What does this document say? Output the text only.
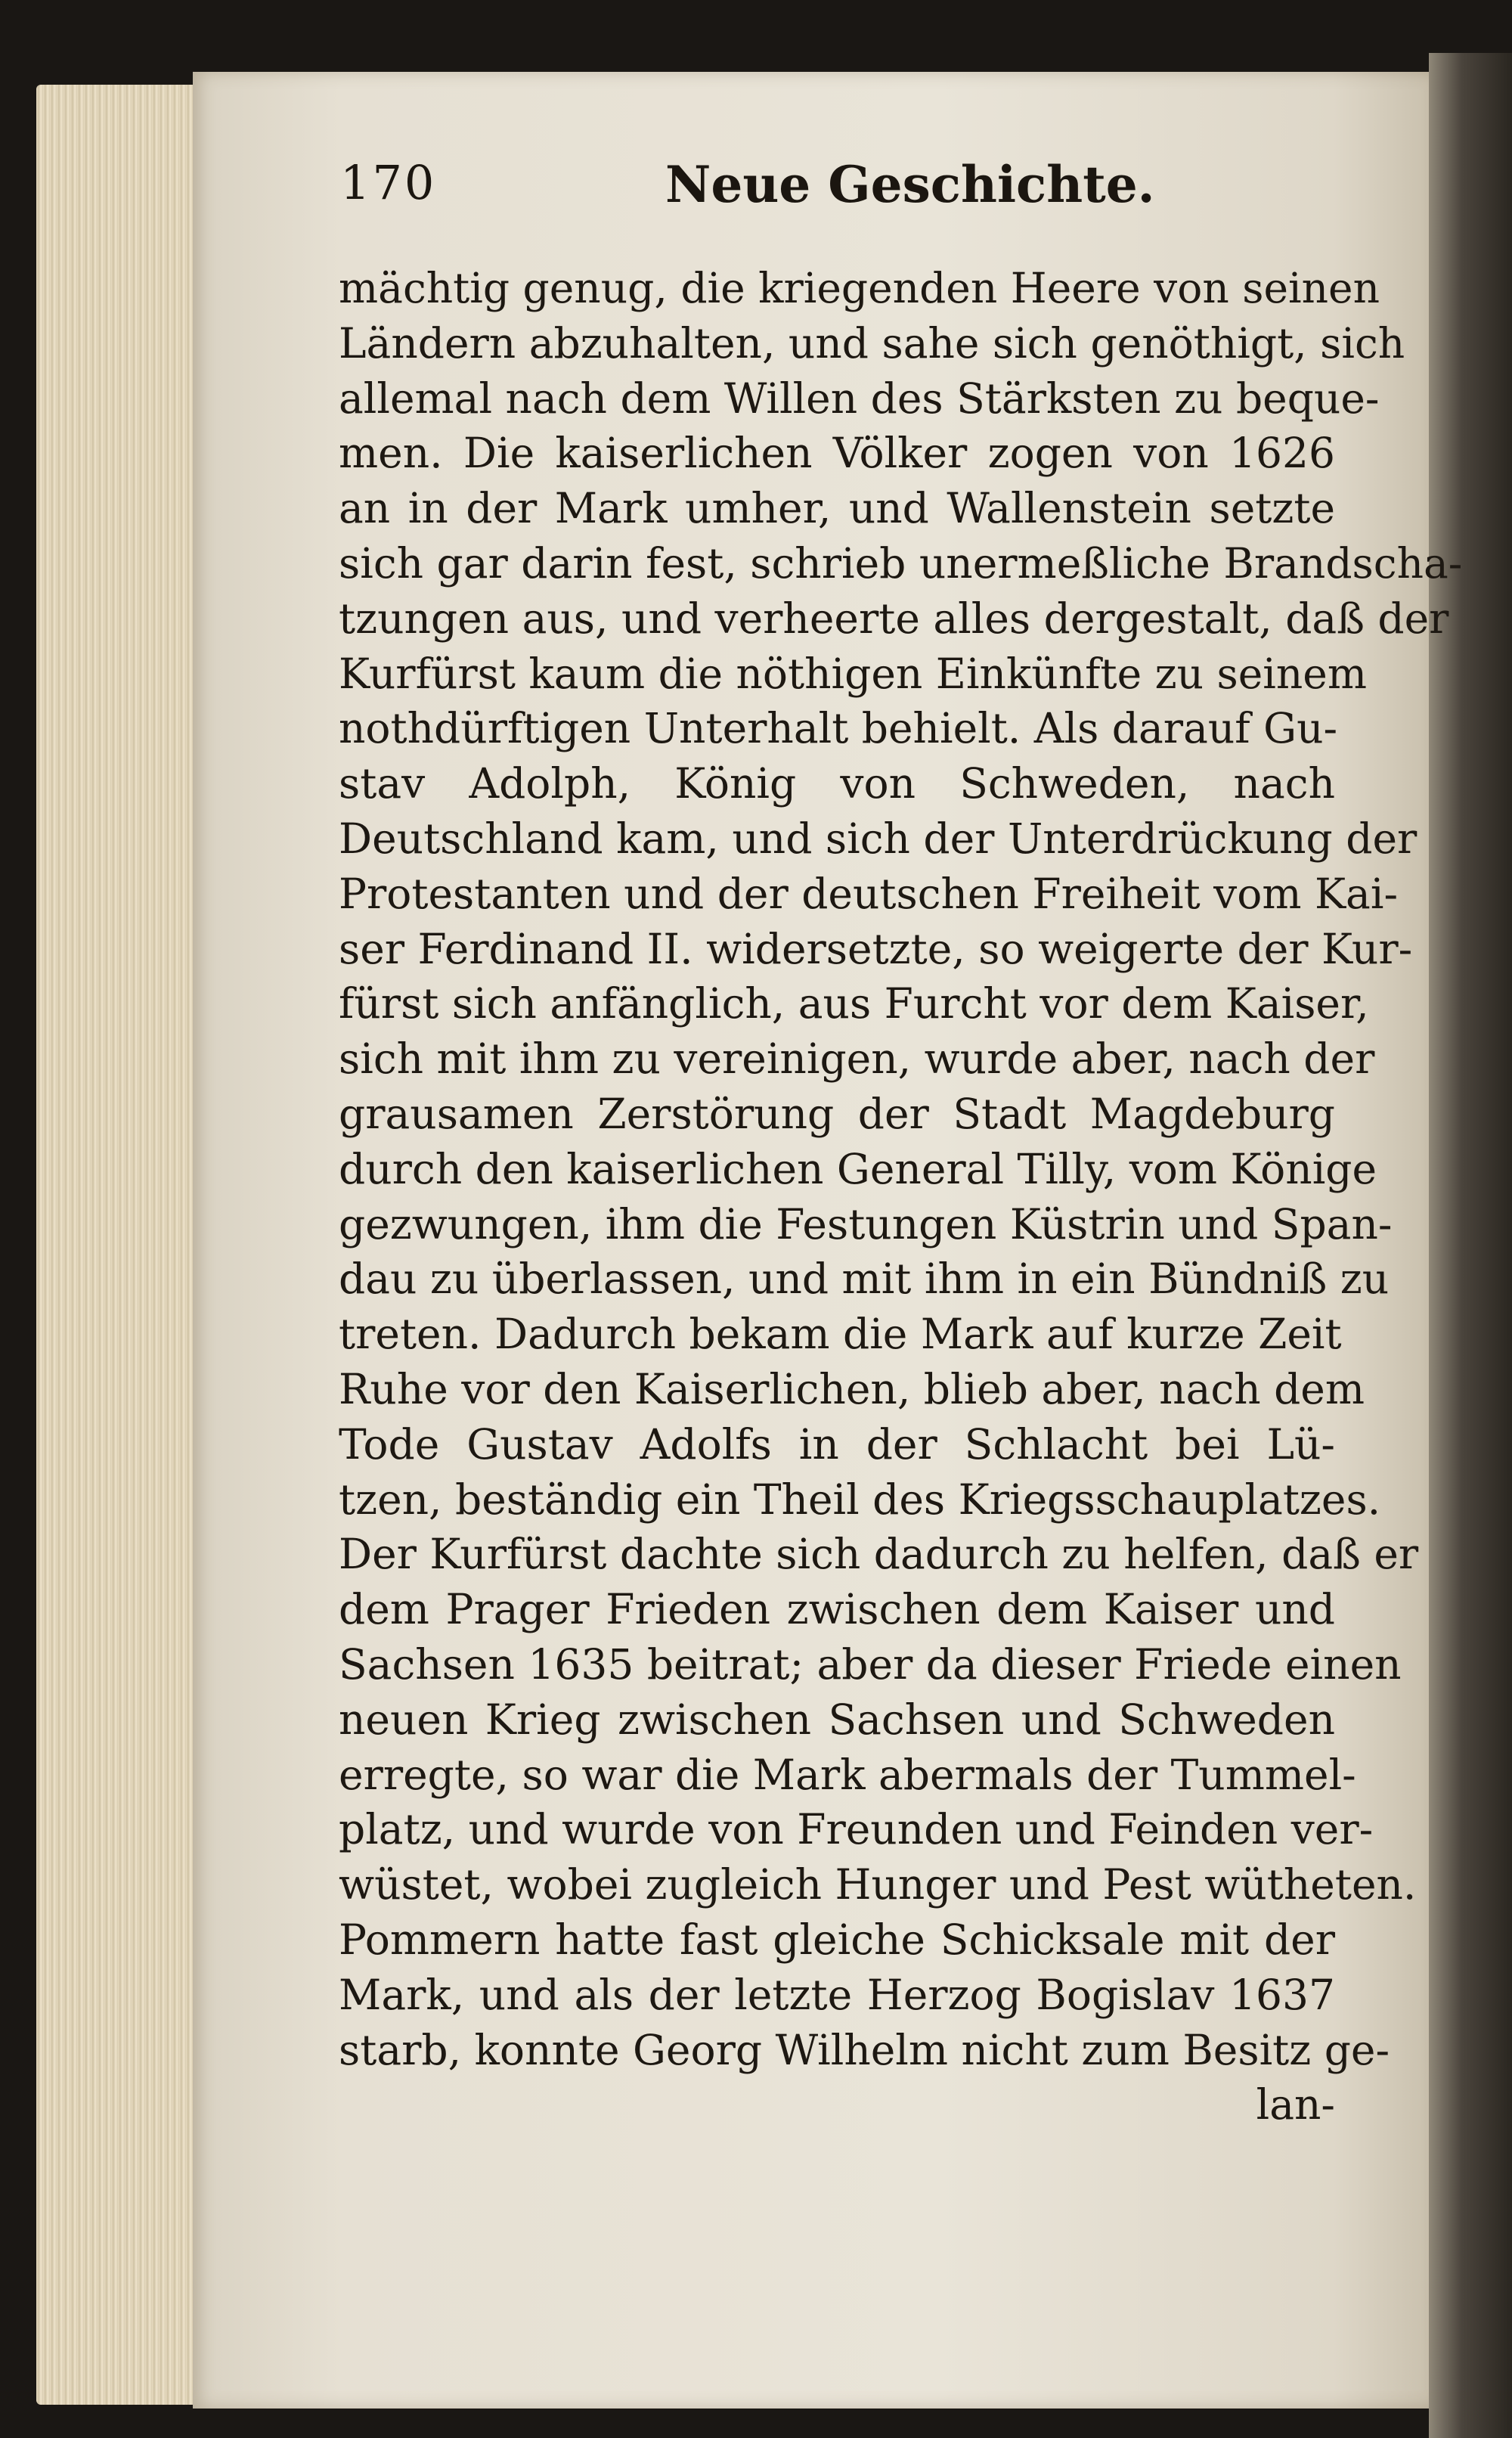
170	Neue Geschichte.
mächtig genug, die kriegenden Heere von seinen
Ländern abzuhalten, und sahe sich genöthigt, sich
allemal nach dem Willen des Stärksten zu beque-
men. Die kaiserlichen Völker zogen von 1626
an in der Mark umher, und Wallenstein setzte
sich gar darin fest, schrieb unermeßliche Brandscha-
tzungen aus, und verheerte alles dergestalt, daß der
Kurfürst kaum die nöthigen Einkünfte zu seinem
nothdürftigen Unterhalt behielt. Als darauf Gu-
stav Adolph, König von Schweden, nach
Deutschland kam, und sich der Unterdrückung der
Protestanten und der deutschen Freiheit vom Kai-
ser Ferdinand II. widersetzte, so weigerte der Kur-
fürst sich anfänglich, aus Furcht vor dem Kaiser,
sich mit ihm zu vereinigen, wurde aber, nach der
grausamen Zerstörung der Stadt Magdeburg
durch den kaiserlichen General Tilly, vom Könige
gezwungen, ihm die Festungen Küstrin und Span-
dau zu überlassen, und mit ihm in ein Bündniß zu
treten. Dadurch bekam die Mark auf kurze Zeit
Ruhe vor den Kaiserlichen, blieb aber, nach dem
Tode Gustav Adolfs in der Schlacht bei Lü-
tzen, beständig ein Theil des Kriegsschauplatzes.
Der Kurfürst dachte sich dadurch zu helfen, daß er
dem Prager Frieden zwischen dem Kaiser und
Sachsen 1635 beitrat; aber da dieser Friede einen
neuen Krieg zwischen Sachsen und Schweden
erregte, so war die Mark abermals der Tummel-
platz, und wurde von Freunden und Feinden ver-
wüstet, wobei zugleich Hunger und Pest wütheten.
Pommern hatte fast gleiche Schicksale mit der
Mark, und als der letzte Herzog Bogislav 1637
starb, konnte Georg Wilhelm nicht zum Besitz ge-
lan-
